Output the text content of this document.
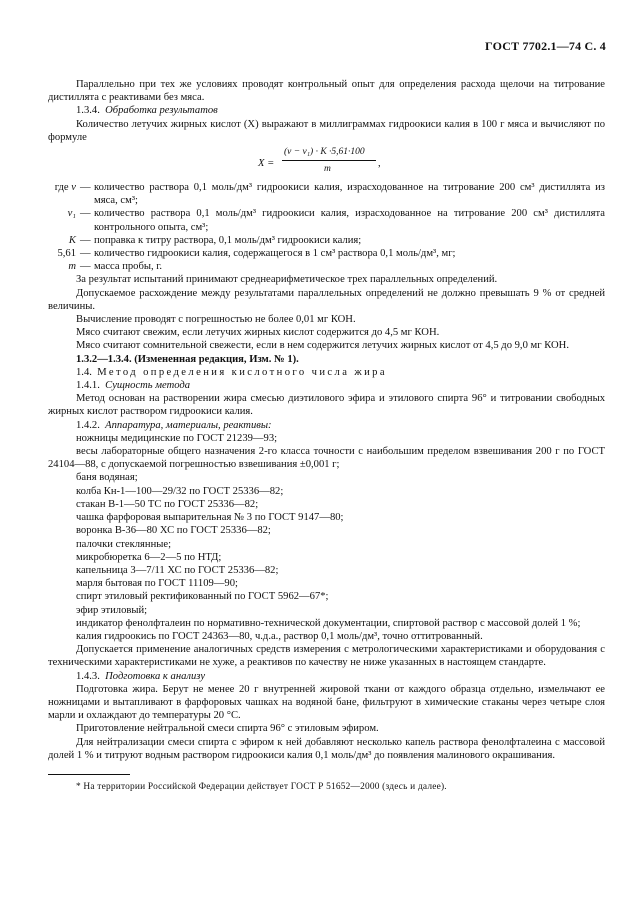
ГОСТ 7702.1—74 С. 4

Параллельно при тех же условиях проводят контрольный опыт для определения расхода щелочи на титрование дистиллята с реактивами без мяса.

1.3.4. Обработка результатов

Количество летучих жирных кислот (X) выражают в миллиграммах гидроокиси калия в 100 г мяса и вычисляют по формуле

X =
(v − v₁) · K ·5,61·100
m	,
где v — количество раствора 0,1 моль/дм³ гидроокиси калия, израсходованное на титрование 200 см³ дистиллята из мяса, см³;
v₁ — количество раствора 0,1 моль/дм³ гидроокиси калия, израсходованное на титрование 200 см³ дистиллята контрольного опыта, см³;
K — поправка к титру раствора, 0,1 моль/дм³ гидроокиси калия;
5,61 — количество гидроокиси калия, содержащегося в 1 см³ раствора 0,1 моль/дм³, мг;
m — масса пробы, г.

За результат испытаний принимают среднеарифметическое трех параллельных определений.

Допускаемое расхождение между результатами параллельных определений не должно превышать 9 % от средней величины.

Вычисление проводят с погрешностью не более 0,01 мг КОН.

Мясо считают свежим, если летучих жирных кислот содержится до 4,5 мг КОН.

Мясо считают сомнительной свежести, если в нем содержится летучих жирных кислот от 4,5 до 9,0 мг КОН.

1.3.2—1.3.4. (Измененная редакция, Изм. № 1).

1.4. Метод определения кислотного числа жира

1.4.1. Сущность метода

Метод основан на растворении жира смесью диэтилового эфира и этилового спирта 96° и титровании свободных жирных кислот раствором гидроокиси калия.

1.4.2. Аппаратура, материалы, реактивы:

ножницы медицинские по ГОСТ 21239—93;

весы лабораторные общего назначения 2-го класса точности с наибольшим пределом взвешивания 200 г по ГОСТ 24104—88, с допускаемой погрешностью взвешивания ±0,001 г;

баня водяная;

колба Кн-1—100—29/32 по ГОСТ 25336—82;

стакан В-1—50 ТС по ГОСТ 25336—82;

чашка фарфоровая выпарительная № 3 по ГОСТ 9147—80;

воронка В-36—80 ХС по ГОСТ 25336—82;

палочки стеклянные;

микробюретка 6—2—5 по НТД;

капельница 3—7/11 ХС по ГОСТ 25336—82;

марля бытовая по ГОСТ 11109—90;

спирт этиловый ректификованный по ГОСТ 5962—67*;

эфир этиловый;

индикатор фенолфталеин по нормативно-технической документации, спиртовой раствор с массовой долей 1 %;

калия гидроокись по ГОСТ 24363—80, ч.д.а., раствор 0,1 моль/дм³, точно оттитрованный.

Допускается применение аналогичных средств измерения с метрологическими характеристиками и оборудования с техническими характеристиками не хуже, а реактивов по качеству не ниже указанных в настоящем стандарте.

1.4.3. Подготовка к анализу

Подготовка жира. Берут не менее 20 г внутренней жировой ткани от каждого образца отдельно, измельчают ее ножницами и вытапливают в фарфоровых чашках на водяной бане, фильтруют в химические стаканы через четыре слоя марли и охлаждают до температуры 20 °С.

Приготовление нейтральной смеси спирта 96° с этиловым эфиром.

Для нейтрализации смеси спирта с эфиром к ней добавляют несколько капель раствора фенолфталеина с массовой долей 1 % и титруют водным раствором гидроокиси калия 0,1 моль/дм³ до появления малинового окрашивания.

* На территории Российской Федерации действует ГОСТ Р 51652—2000 (здесь и далее).
